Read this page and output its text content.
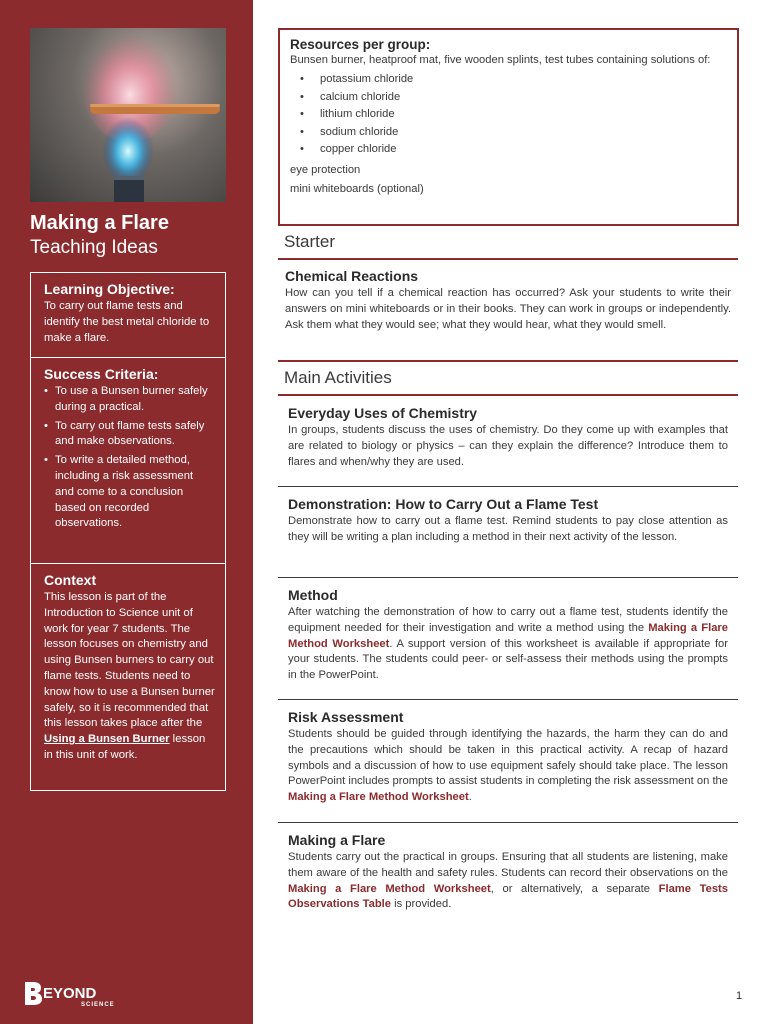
Making a Flare
Teaching Ideas
Learning Objective:

To carry out flame tests and identify the best metal chloride to make a flare.

Success Criteria:
• To use a Bunsen burner safely during a practical.
• To carry out flame tests safely and make observations.
• To write a detailed method, including a risk assessment and come to a conclusion based on recorded observations.
Context

This lesson is part of the Introduction to Science unit of work for year 7 students. The lesson focuses on chemistry and using Bunsen burners to carry out flame tests. Students need to know how to use a Bunsen burner safely, so it is recommended that this lesson takes place after the Using a Bunsen Burner lesson in this unit of work.

EYOND
SCIENCE
Resources per group:

Bunsen burner, heatproof mat, five wooden splints, test tubes containing solutions of:

• potassium chloride
• calcium chloride
• lithium chloride
• sodium chloride
• copper chloride

eye protection

mini whiteboards (optional)

Starter
Chemical Reactions

How can you tell if a chemical reaction has occurred? Ask your students to write their answers on mini whiteboards or in their books. They can work in groups or independently. Ask them what they would see; what they would hear, what they would smell.

Main Activities
Everyday Uses of Chemistry

In groups, students discuss the uses of chemistry. Do they come up with examples that are related to biology or physics – can they explain the difference? Introduce them to flares and when/why they are used.

Demonstration: How to Carry Out a Flame Test

Demonstrate how to carry out a flame test. Remind students to pay close attention as they will be writing a plan including a method in their next activity of the lesson.

Method

After watching the demonstration of how to carry out a flame test, students identify the equipment needed for their investigation and write a method using the Making a Flare Method Worksheet. A support version of this worksheet is available if appropriate for your students. The students could peer- or self-assess their methods using the prompts in the PowerPoint.

Risk Assessment

Students should be guided through identifying the hazards, the harm they can do and the precautions which should be taken in this practical activity. A recap of hazard symbols and a discussion of how to use equipment safely should take place. The lesson PowerPoint includes prompts to assist students in completing the risk assessment on the Making a Flare Method Worksheet.

Making a Flare

Students carry out the practical in groups. Ensuring that all students are listening, make them aware of the health and safety rules. Students can record their observations on the Making a Flare Method Worksheet, or alternatively, a separate Flame Tests Observations Table is provided.

1
